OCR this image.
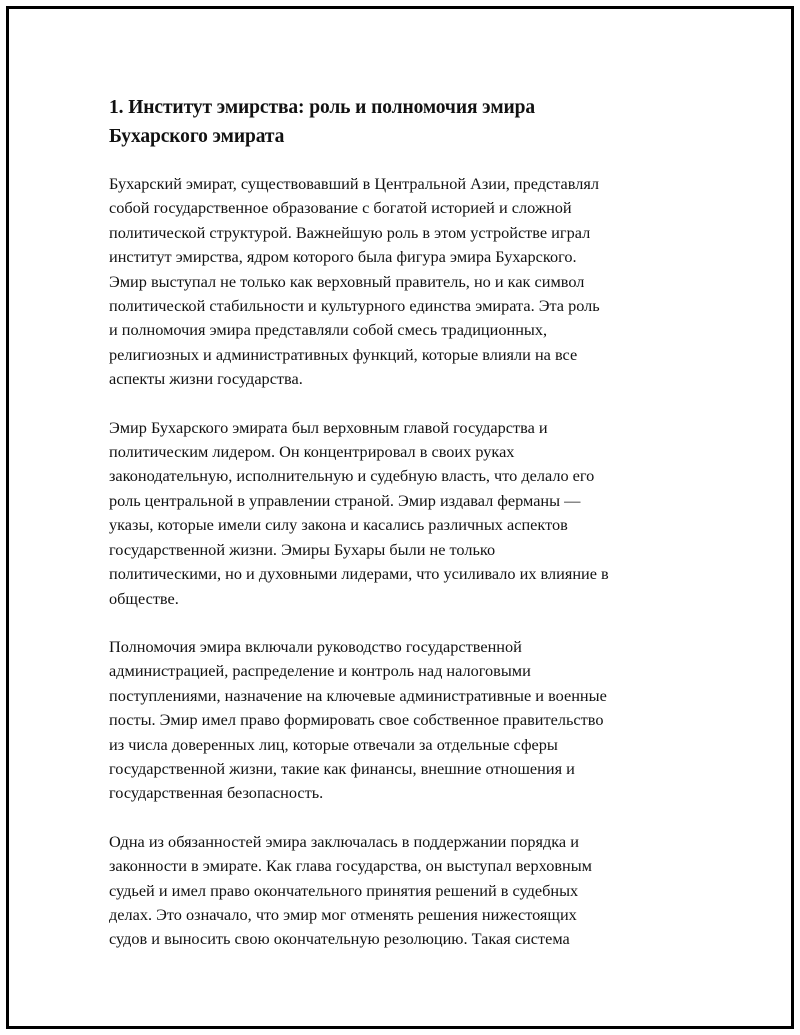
1. Институт эмирства: роль и полномочия эмира
Бухарского эмирата

Бухарский эмират, существовавший в Центральной Азии, представлял
собой государственное образование с богатой историей и сложной
политической структурой. Важнейшую роль в этом устройстве играл
институт эмирства, ядром которого была фигура эмира Бухарского.
Эмир выступал не только как верховный правитель, но и как символ
политической стабильности и культурного единства эмирата. Эта роль
и полномочия эмира представляли собой смесь традиционных,
религиозных и административных функций, которые влияли на все
аспекты жизни государства.

Эмир Бухарского эмирата был верховным главой государства и
политическим лидером. Он концентрировал в своих руках
законодательную, исполнительную и судебную власть, что делало его
роль центральной в управлении страной. Эмир издавал ферманы —
указы, которые имели силу закона и касались различных аспектов
государственной жизни. Эмиры Бухары были не только
политическими, но и духовными лидерами, что усиливало их влияние в
обществе.

Полномочия эмира включали руководство государственной
администрацией, распределение и контроль над налоговыми
поступлениями, назначение на ключевые административные и военные
посты. Эмир имел право формировать свое собственное правительство
из числа доверенных лиц, которые отвечали за отдельные сферы
государственной жизни, такие как финансы, внешние отношения и
государственная безопасность.

Одна из обязанностей эмира заключалась в поддержании порядка и
законности в эмирате. Как глава государства, он выступал верховным
судьей и имел право окончательного принятия решений в судебных
делах. Это означало, что эмир мог отменять решения нижестоящих
судов и выносить свою окончательную резолюцию. Такая система
